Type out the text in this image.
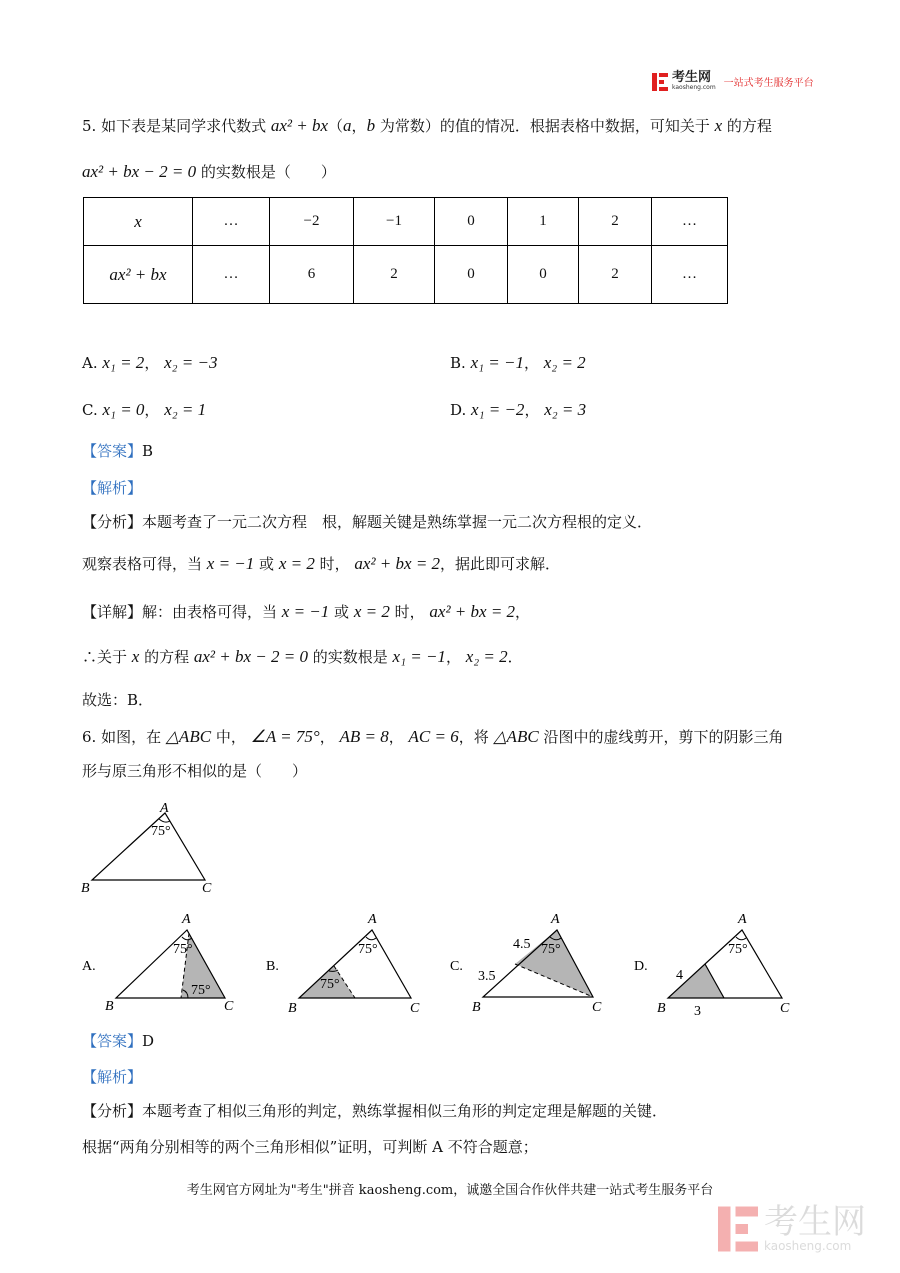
考生网
kaosheng.com 一站式考生服务平台
5. 如下表是某同学求代数式 ax² + bx（a，b 为常数）的值的情况．根据表格中数据，可知关于 x 的方程
ax² + bx − 2 = 0 的实数根是（　　）
A. x₁ = 2， x₂ = −3	B. x₁ = −1， x₂ = 2
C. x₁ = 0， x₂ = 1	D. x₁ = −2， x₂ = 3
【答案】B
【解析】
【分析】本题考查了一元二次方程　根，解题关键是熟练掌握一元二次方程根的定义．
观察表格可得，当 x = −1 或 x = 2 时， ax² + bx = 2，据此即可求解．
【详解】解：由表格可得，当 x = −1 或 x = 2 时， ax² + bx = 2，
∴关于 x 的方程 ax² + bx − 2 = 0 的实数根是 x₁ = −1， x₂ = 2．
故选：B．
6. 如图，在 △ABC 中， ∠A = 75°， AB = 8， AC = 6，将 △ABC 沿图中的虚线剪开，剪下的阴影三角
形与原三角形不相似的是（　　）
【答案】D
【解析】
【分析】本题考查了相似三角形的判定，熟练掌握相似三角形的判定定理是解题的关键．
根据“两角分别相等的两个三角形相似”证明，可判断 A 不符合题意；
x	…	−2	−1	0	1	2	…
ax² + bx	…	6	2	0	0	2	…
A
B	C
75°
A.
A
B	C
75°
75°
B.
A
B	C
75°
75°
C.
A
B	C
75°
4.5
3.5
D.
A
B	C
75°
4
3
考生网官方网址为"考生"拼音 kaosheng.com，诚邀全国合作伙伴共建一站式考生服务平台
考生网
kaosheng.com
